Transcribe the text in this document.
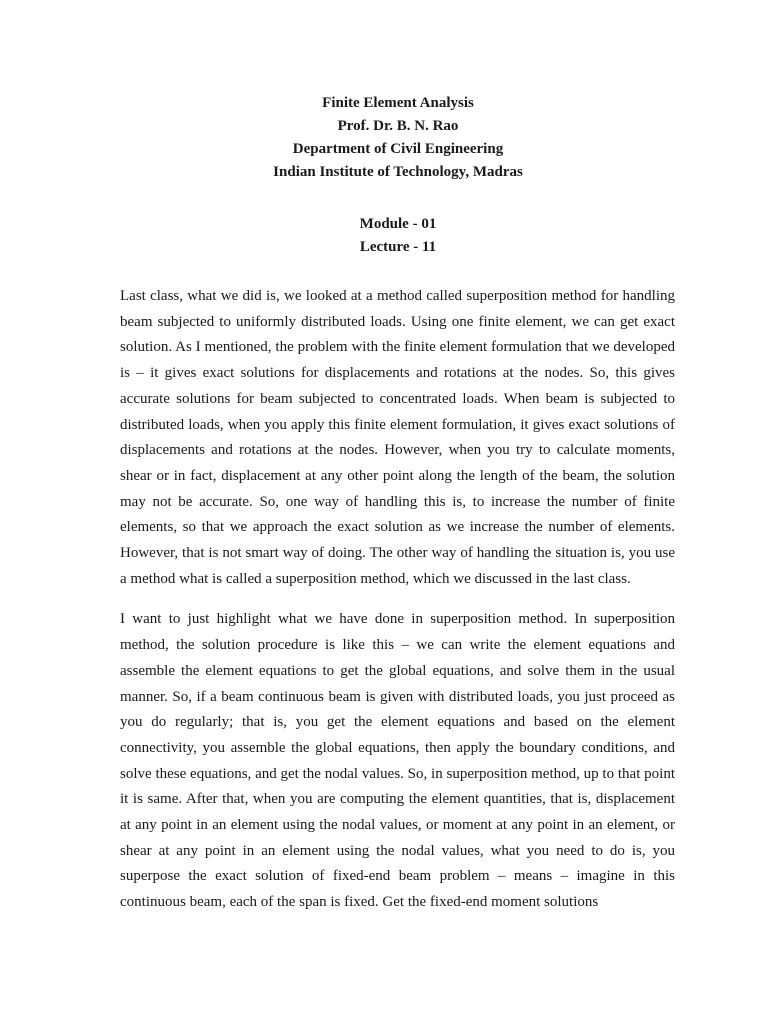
Finite Element Analysis
Prof. Dr. B. N. Rao
Department of Civil Engineering
Indian Institute of Technology, Madras
Module - 01
Lecture - 11

Last class, what we did is, we looked at a method called superposition method for handling beam subjected to uniformly distributed loads. Using one finite element, we can get exact solution. As I mentioned, the problem with the finite element formulation that we developed is – it gives exact solutions for displacements and rotations at the nodes. So, this gives accurate solutions for beam subjected to concentrated loads. When beam is subjected to distributed loads, when you apply this finite element formulation, it gives exact solutions of displacements and rotations at the nodes. However, when you try to calculate moments, shear or in fact, displacement at any other point along the length of the beam, the solution may not be accurate. So, one way of handling this is, to increase the number of finite elements, so that we approach the exact solution as we increase the number of elements. However, that is not smart way of doing. The other way of handling the situation is, you use a method what is called a superposition method, which we discussed in the last class.

I want to just highlight what we have done in superposition method. In superposition method, the solution procedure is like this – we can write the element equations and assemble the element equations to get the global equations, and solve them in the usual manner. So, if a beam continuous beam is given with distributed loads, you just proceed as you do regularly; that is, you get the element equations and based on the element connectivity, you assemble the global equations, then apply the boundary conditions, and solve these equations, and get the nodal values. So, in superposition method, up to that point it is same. After that, when you are computing the element quantities, that is, displacement at any point in an element using the nodal values, or moment at any point in an element, or shear at any point in an element using the nodal values, what you need to do is, you superpose the exact solution of fixed-end beam problem – means – imagine in this continuous beam, each of the span is fixed. Get the fixed-end moment solutions
